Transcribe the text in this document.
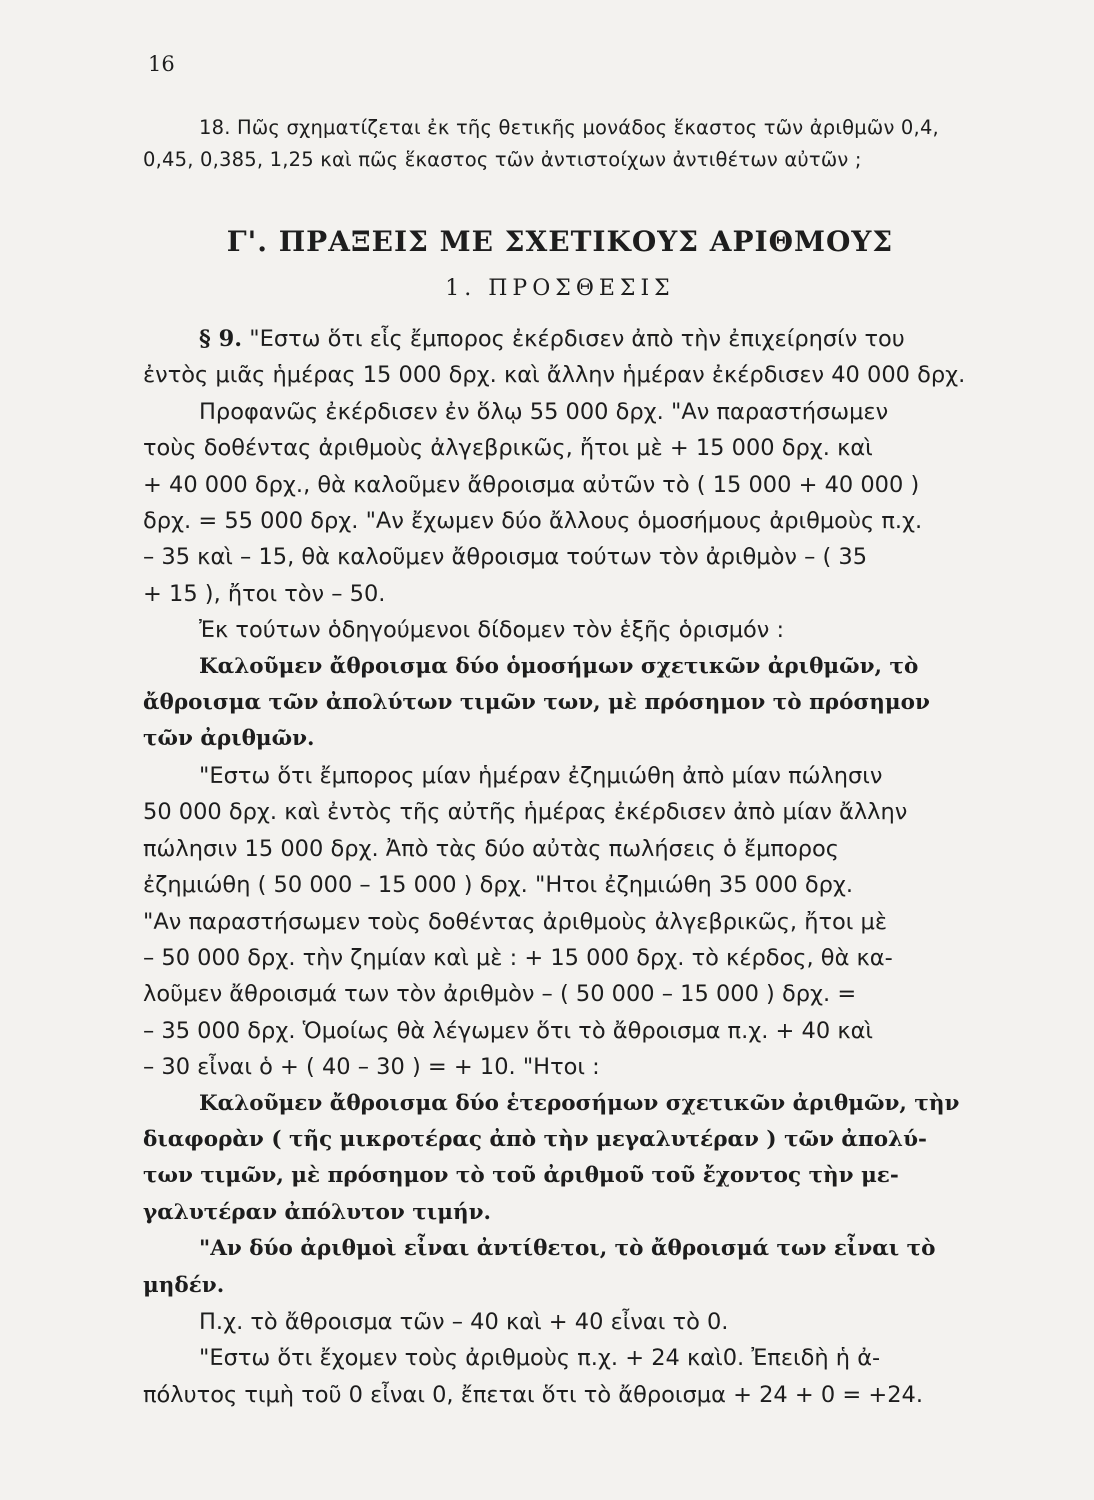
16
18. Πῶς σχηματίζεται ἐκ τῆς θετικῆς μονάδος ἕκαστος τῶν ἀριθμῶν 0,4,
0,45, 0,385, 1,25 καὶ πῶς ἕκαστος τῶν ἀντιστοίχων ἀντιθέτων αὐτῶν ;
Γ'. ΠΡΑΞΕΙΣ ΜΕ ΣΧΕΤΙΚΟΥΣ ΑΡΙΘΜΟΥΣ
1. ΠΡΟΣΘΕΣΙΣ

§ 9. "Εστω ὅτι εἷς ἔμπορος ἐκέρδισεν ἀπὸ τὴν ἐπιχείρησίν του

ἐντὸς μιᾶς ἡμέρας 15 000 δρχ. καὶ ἄλλην ἡμέραν ἐκέρδισεν 40 000 δρχ.

Προφανῶς ἐκέρδισεν ἐν ὅλῳ 55 000 δρχ. "Αν παραστήσωμεν

τοὺς δοθέντας ἀριθμοὺς ἀλγεβρικῶς, ἤτοι μὲ + 15 000 δρχ. καὶ

+ 40 000 δρχ., θὰ καλοῦμεν ἄθροισμα αὐτῶν τὸ ( 15 000 + 40 000 )

δρχ. = 55 000 δρχ. "Αν ἔχωμεν δύο ἄλλους ὁμοσήμους ἀριθμοὺς π.χ.

– 35 καὶ – 15, θὰ καλοῦμεν ἄθροισμα τούτων τὸν ἀριθμὸν – ( 35

+ 15 ), ἤτοι τὸν – 50.

Ἐκ τούτων ὁδηγούμενοι δίδομεν τὸν ἑξῆς ὁρισμόν :

Καλοῦμεν ἄθροισμα δύο ὁμοσήμων σχετικῶν ἀριθμῶν, τὸ

ἄθροισμα τῶν ἀπολύτων τιμῶν των, μὲ πρόσημον τὸ πρόσημον

τῶν ἀριθμῶν.

"Εστω ὅτι ἔμπορος μίαν ἡμέραν ἐζημιώθη ἀπὸ μίαν πώλησιν

50 000 δρχ. καὶ ἐντὸς τῆς αὐτῆς ἡμέρας ἐκέρδισεν ἀπὸ μίαν ἄλλην

πώλησιν 15 000 δρχ. Ἀπὸ τὰς δύο αὐτὰς πωλήσεις ὁ ἔμπορος

ἐζημιώθη ( 50 000 – 15 000 ) δρχ. "Ητοι ἐζημιώθη 35 000 δρχ.

"Αν παραστήσωμεν τοὺς δοθέντας ἀριθμοὺς ἀλγεβρικῶς, ἤτοι μὲ

– 50 000 δρχ. τὴν ζημίαν καὶ μὲ : + 15 000 δρχ. τὸ κέρδος, θὰ κα-

λοῦμεν ἄθροισμά των τὸν ἀριθμὸν – ( 50 000 – 15 000 ) δρχ. =

– 35 000 δρχ. Ὁμοίως θὰ λέγωμεν ὅτι τὸ ἄθροισμα π.χ. + 40 καὶ

– 30 εἶναι ὁ + ( 40 – 30 ) = + 10. "Ητοι :

Καλοῦμεν ἄθροισμα δύο ἑτεροσήμων σχετικῶν ἀριθμῶν, τὴν

διαφορὰν ( τῆς μικροτέρας ἀπὸ τὴν μεγαλυτέραν ) τῶν ἀπολύ-

των τιμῶν, μὲ πρόσημον τὸ τοῦ ἀριθμοῦ τοῦ ἔχοντος τὴν με-

γαλυτέραν ἀπόλυτον τιμήν.

"Αν δύο ἀριθμοὶ εἶναι ἀντίθετοι, τὸ ἄθροισμά των εἶναι τὸ

μηδέν.

Π.χ. τὸ ἄθροισμα τῶν – 40 καὶ + 40 εἶναι τὸ 0.

"Εστω ὅτι ἔχομεν τοὺς ἀριθμοὺς π.χ. + 24 καὶ0. Ἐπειδὴ ἡ ἀ-

πόλυτος τιμὴ τοῦ 0 εἶναι 0, ἔπεται ὅτι τὸ ἄθροισμα + 24 + 0 = +24.
